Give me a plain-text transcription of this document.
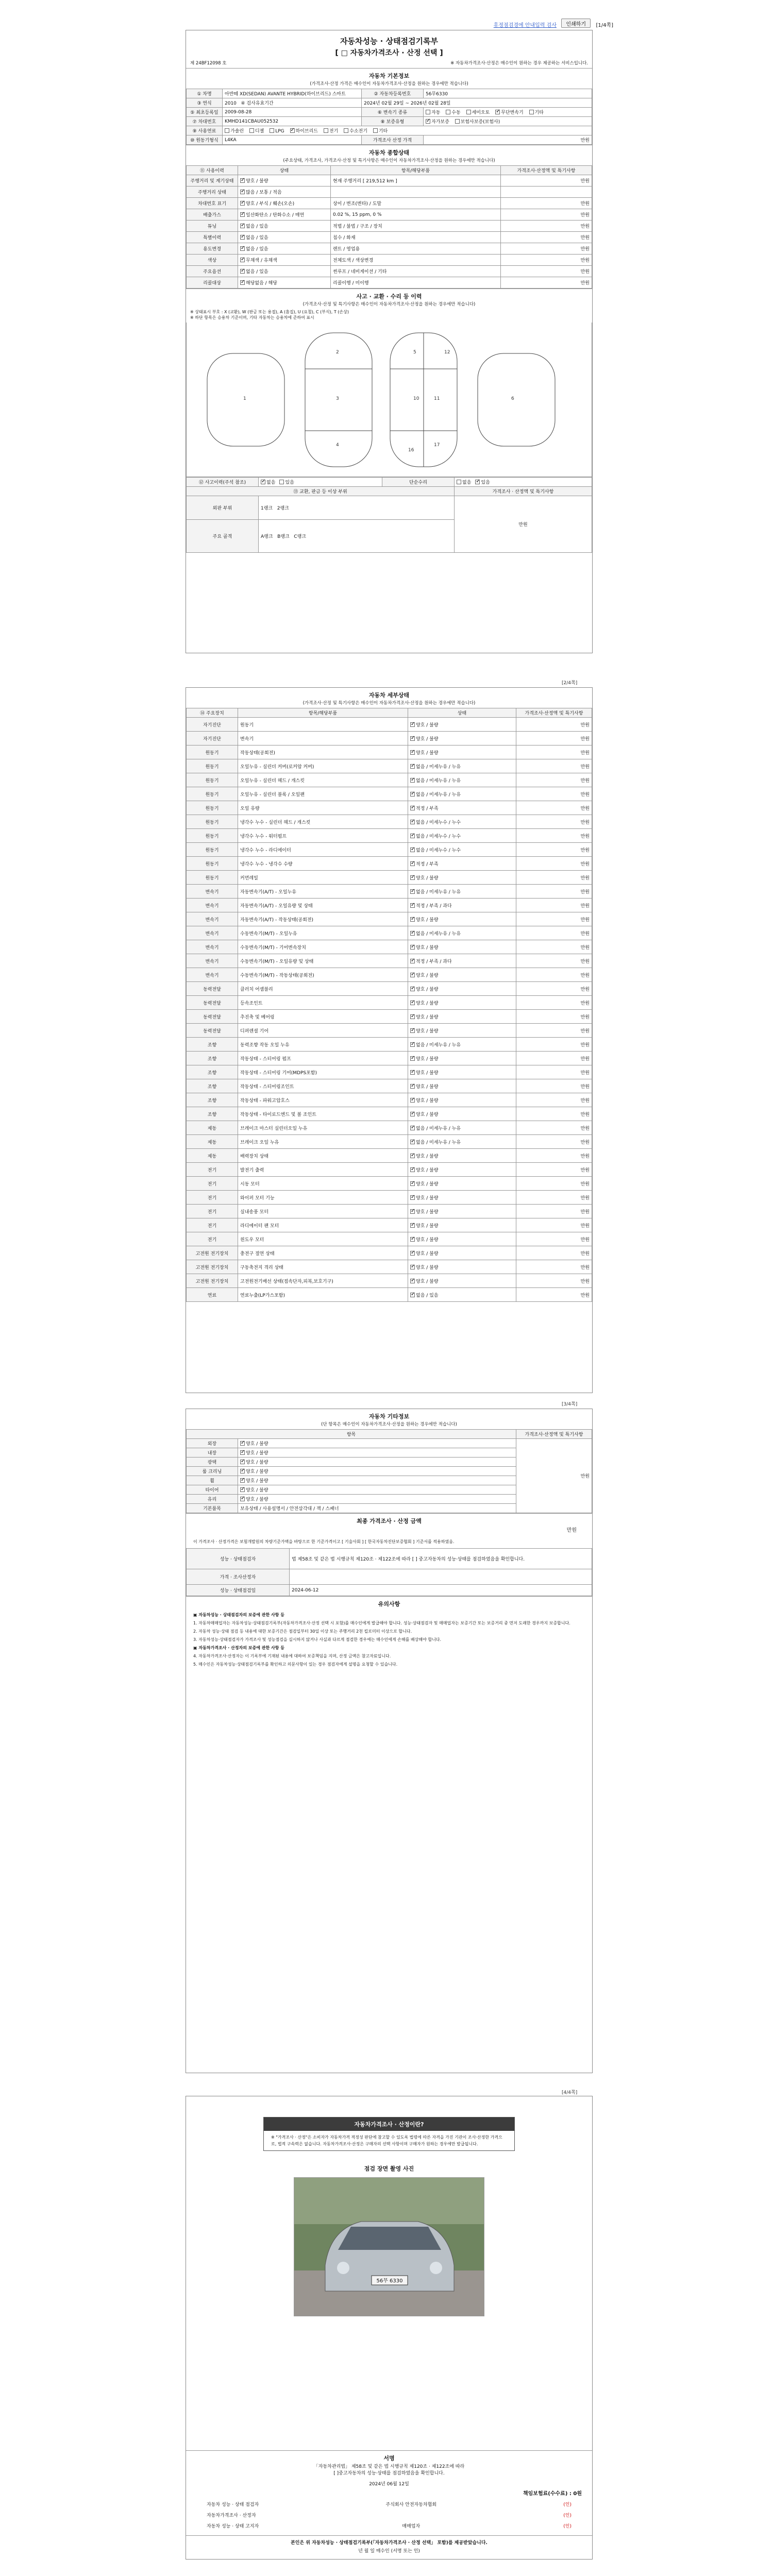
휴정점검경에 안내입력 검사	인쇄하기	[1/4쪽]
자동차성능 · 상태점검기록부
[ □ 자동차가격조사 · 산정 선택 ]
제 24BF12098 호	※ 자동차가격조사·산정은 매수인이 원하는 경우 제공하는 서비스입니다.
자동차 기본정보
(가격조사·산정 가격은 매수인이 자동차가격조사·산정을 원하는 경우에만 적습니다)
① 차명	아반떼 XD(SEDAN) AVANTE HYBRID(하이브리드) 스마트	② 자동차등록번호	56무6330
③ 연식	2010 ④ 검사유효기간	2024년 02월 29일 ~ 2026년 02월 28일	
⑤ 최초등록일	2009-08-28	⑥ 변속기 종류	자동 수동 세미오토 ✓ 무단변속기 기타
⑦ 차대번호	KMHD141CBAU052532	⑧ 보증유형	✓자가보증 보험사보증(보험사)
⑨ 사용연료	가솔린 디젤 LPG ✓ 하이브리드 전기 수소전기 기타
⑩ 원동기형식	L4KA	가격조사 산정 가격	만원
자동차 종합상태
(주요상태, 가격조사, 가격조사·산정 및 특기사항은 매수인이 자동차가격조사·산정을 원하는 경우에만 적습니다)
⑪ 사용이력	상태	항목/해당부품	가격조사·산정액 및 특기사항
주행거리 및 계기상태	✓양호 / 불량	현재 주행거리 [ 219,512 km ]	만원
주행거리 상태	✓많음 / 보통 / 적음		
차대번호 표기	✓양호 / 부식 / 훼손(오손)	상이 / 변조(변타) / 도말	만원
배출가스	✓일산화탄소 / 탄화수소 / 매연	0.02 %, 15 ppm, 0 %	만원
튜닝	✓없음 / 있음	적법 / 불법 / 구조 / 장치	만원
특별이력	✓없음 / 있음	침수 / 화재	만원
용도변경	✓없음 / 있음	렌트 / 영업용	만원
색상	✓무채색 / 유채색	전체도색 / 색상변경	만원
주요옵션	✓없음 / 있음	썬루프 / 네비게이션 / 기타	만원
리콜대상	✓해당없음 / 해당	리콜이행 / 미이행	만원
사고 · 교환 · 수리 등 이력
(가격조사·산정 및 특기사항은 매수인이 자동차가격조사·산정을 원하는 경우에만 적습니다)
※ 상태표시 부호 : X (교환), W (판금 또는 용접), A (흠집), U (요철), C (부식), T (손상)
※ 하단 항목은 승용차 기준이며, 기타 자동차는 승용차에 준하여 표시
1
2
3
4
5
10	11
17
6
16
12
⑫ 사고이력(주석 참조)	✓없음 있음	단순수리	없음 ✓ 있음
⑬ 교환, 판금 등 이상 부위			가격조사 · 산정액 및 특기사항
외판 부위	1랭크 2랭크		만원
주요 골격	A랭크 B랭크 C랭크		
[2/4쪽]
자동차 세부상태
(가격조사·산정 및 특기사항은 매수인이 자동차가격조사·산정을 원하는 경우에만 적습니다)
⑭ 주요장치	항목/해당부품	상태	가격조사·산정액 및 특기사항
자기진단	원동기	✓양호 / 불량	만원
자기진단	변속기	✓양호 / 불량	만원
원동기	작동상태(공회전)	✓양호 / 불량	만원
원동기	오일누유 - 실린더 커버(로커암 커버)	✓없음 / 미세누유 / 누유	만원
원동기	오일누유 - 실린더 헤드 / 개스킷	✓없음 / 미세누유 / 누유	만원
원동기	오일누유 - 실린더 블록 / 오일팬	✓없음 / 미세누유 / 누유	만원
원동기	오일 유량	✓적정 / 부족	만원
원동기	냉각수 누수 - 실린더 헤드 / 개스킷	✓없음 / 미세누수 / 누수	만원
원동기	냉각수 누수 - 워터펌프	✓없음 / 미세누수 / 누수	만원
원동기	냉각수 누수 - 라디에이터	✓없음 / 미세누수 / 누수	만원
원동기	냉각수 누수 - 냉각수 수량	✓적정 / 부족	만원
원동기	커먼레일	✓양호 / 불량	만원
변속기	자동변속기(A/T) - 오일누유	✓없음 / 미세누유 / 누유	만원
변속기	자동변속기(A/T) - 오일유량 및 상태	✓적정 / 부족 / 과다	만원
변속기	자동변속기(A/T) - 작동상태(공회전)	✓양호 / 불량	만원
변속기	수동변속기(M/T) - 오일누유	✓없음 / 미세누유 / 누유	만원
변속기	수동변속기(M/T) - 기어변속장치	✓양호 / 불량	만원
변속기	수동변속기(M/T) - 오일유량 및 상태	✓적정 / 부족 / 과다	만원
변속기	수동변속기(M/T) - 작동상태(공회전)	✓양호 / 불량	만원
동력전달	클러치 어셈블리	✓양호 / 불량	만원
동력전달	등속조인트	✓양호 / 불량	만원
동력전달	추진축 및 베어링	✓양호 / 불량	만원
동력전달	디퍼렌셜 기어	✓양호 / 불량	만원
조향	동력조향 작동 오일 누유	✓없음 / 미세누유 / 누유	만원
조향	작동상태 - 스티어링 펌프	✓양호 / 불량	만원
조향	작동상태 - 스티어링 기어(MDPS포함)	✓양호 / 불량	만원
조향	작동상태 - 스티어링조인트	✓양호 / 불량	만원
조향	작동상태 - 파워고압호스	✓양호 / 불량	만원
조향	작동상태 - 타이로드엔드 및 볼 조인트	✓양호 / 불량	만원
제동	브레이크 마스터 실린더오일 누유	✓없음 / 미세누유 / 누유	만원
제동	브레이크 오일 누유	✓없음 / 미세누유 / 누유	만원
제동	배력장치 상태	✓양호 / 불량	만원
전기	발전기 출력	✓양호 / 불량	만원
전기	시동 모터	✓양호 / 불량	만원
전기	와이퍼 모터 기능	✓양호 / 불량	만원
전기	실내송풍 모터	✓양호 / 불량	만원
전기	라디에이터 팬 모터	✓양호 / 불량	만원
전기	윈도우 모터	✓양호 / 불량	만원
고전원 전기장치	충전구 절연 상태	✓양호 / 불량	만원
고전원 전기장치	구동축전지 격리 상태	✓양호 / 불량	만원
고전원 전기장치	고전원전기배선 상태(접속단자,피복,보호기구)	✓양호 / 불량	만원
연료	연료누출(LP가스포함)	✓없음 / 있음	만원
[3/4쪽]
자동차 기타정보
(단 항목은 매수인이 자동차가격조사·산정을 원하는 경우에만 적습니다)
항목		가격조사·산정액 및 특기사항
외장	✓양호 / 불량	만원
내장	✓양호 / 불량
광택	✓양호 / 불량
룸 크리닝	✓양호 / 불량
휠	✓양호 / 불량
타이어	✓양호 / 불량
유리	✓양호 / 불량
기본품목	보유상태 / 사용설명서 / 안전삼각대 / 잭 / 스패너	
최종 가격조사 · 산정 금액
만원
이 가격조사 · 산정가격은 보험개발원의 차량기준가액을 바탕으로 한 기준가격이고 [ 기술사회 ] [ 한국자동차진단보증협회 ] 기준서를 적용하였음.
성능 · 상태점검자	법 제58조 및 같은 법 시행규칙 제120조 · 제122조에 따라 [ ] 중고자동차의 성능·상태를 점검하였음을 확인합니다.
가격 · 조사산정자	
성능 · 상태점검일	2024-06-12
유의사항

▣ 자동차성능 · 상태점검자의 보증에 관한 사항 등

1. 자동차매매업자는 자동차성능·상태점검기록부(자동차가격조사·산정 선택 시 포함)를 매수인에게 발급해야 합니다. 성능·상태점검자 및 매매업자는 보증기간 또는 보증거리 중 먼저 도래한 경우까지 보증합니다.

2. 자동차 성능·상태 점검 등 내용에 대한 보증기간은 점검일부터 30일 이상 또는 주행거리 2천 킬로미터 이상으로 합니다.

3. 자동차성능·상태점검자가 가격조사 및 성능점검을 실시하지 않거나 사실과 다르게 점검한 경우에는 매수인에게 손해를 배상해야 합니다.

▣ 자동차가격조사 · 산정자의 보증에 관한 사항 등

4. 자동차가격조사·산정자는 이 기록부에 기재된 내용에 대하여 보증책임을 지며, 산정 금액은 참고자료입니다.

5. 매수인은 자동차성능·상태점검기록부를 확인하고 의문사항이 있는 경우 점검자에게 설명을 요청할 수 있습니다.

[4/4쪽]
자동차가격조사 · 산정이란?
※ "가격조사 · 산정"은 소비자가 자동차가격 적정성 판단에 참고할 수 있도록 법령에 따른 자격을 가진 기관이 조사·산정한 가격으로, 법적 구속력은 없습니다. 자동차가격조사·산정은 구매자의 선택 사항이며 구매자가 원하는 경우에만 발급됩니다.
점검 장면 촬영 사진
56무 6330
서명
「자동차관리법」 제58조 및 같은 법 시행규칙 제120조 · 제122조에 따라
[ ]중고자동차의 성능·상태를 점검하였음을 확인합니다.
2024년 06월 12일
책임보험료(수수료) : 0원
자동차 성능 · 상태 점검자	주식회사 안전자동차협회	(인)
자동차가격조사 · 산정자	(인)
자동차 성능 · 상태 고지자	매매업자	(인)
본인은 위 자동차성능 · 상태점검기록부(「자동차가격조사 · 산정 선택」 포함)를 제공받았습니다.
년 월 일 매수인 (서명 또는 인)
